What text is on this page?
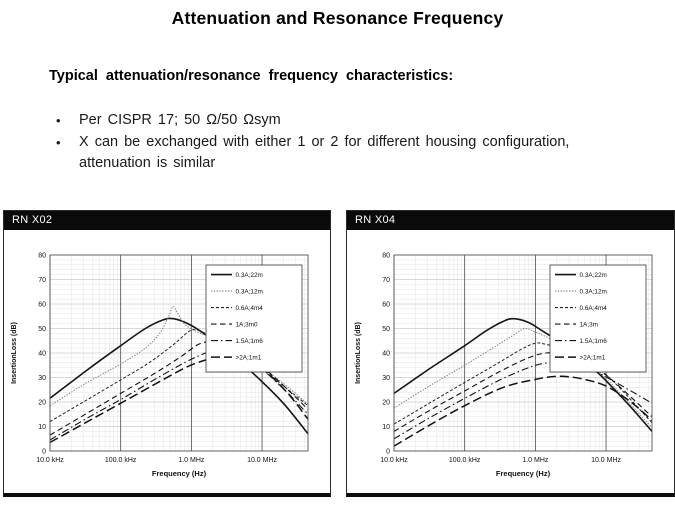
Attenuation and Resonance Frequency
Typical attenuation/resonance frequency characteristics:
•	Per CISPR 17; 50 Ω/50 Ωsym
•	X can be exchanged with either 1 or 2 for different housing configuration, attenuation is similar
RN X02
0
10
20
30
40
50
60
70
80
10.0 kHz	100.0 kHz	1.0 MHz	10.0 MHz
0.3A;22m
0.3A;12m
0.6A;4m4
1A;3m0
1.5A;1m6
>2A;1m1
Frequency (Hz)
InsertionLoss (dB)
RN X04
0
10
20
30
40
50
60
70
80
10.0 kHz	100.0 kHz	1.0 MHz	10.0 MHz
0.3A;22m
0.3A;12m
0.6A;4m4
1A;3m
1.5A;1m6
>2A;1m1
Frequency (Hz)
InsertionLoss (dB)
